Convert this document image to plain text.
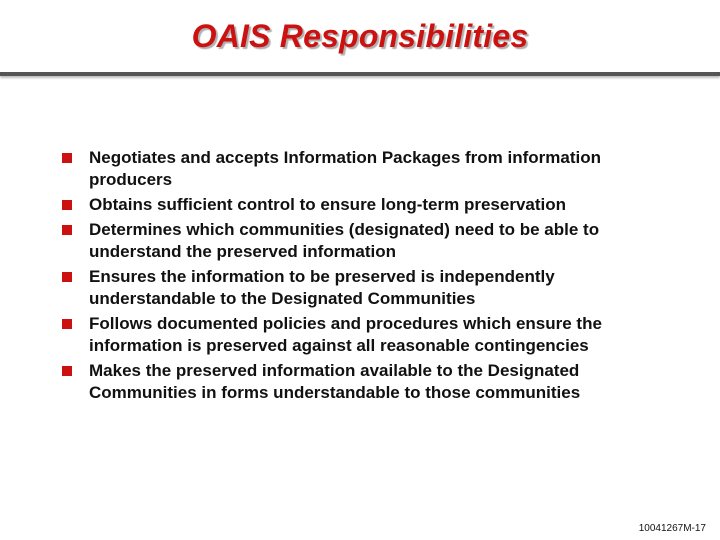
OAIS Responsibilities
Negotiates and accepts Information Packages from information producers
Obtains sufficient control to ensure long-term preservation
Determines which communities (designated) need to be able to understand the preserved information
Ensures the information to be preserved is independently understandable to the Designated Communities
Follows documented policies and procedures which ensure the information is preserved against all reasonable contingencies
Makes the preserved information available to the Designated Communities in forms understandable to those communities
10041267M-17
